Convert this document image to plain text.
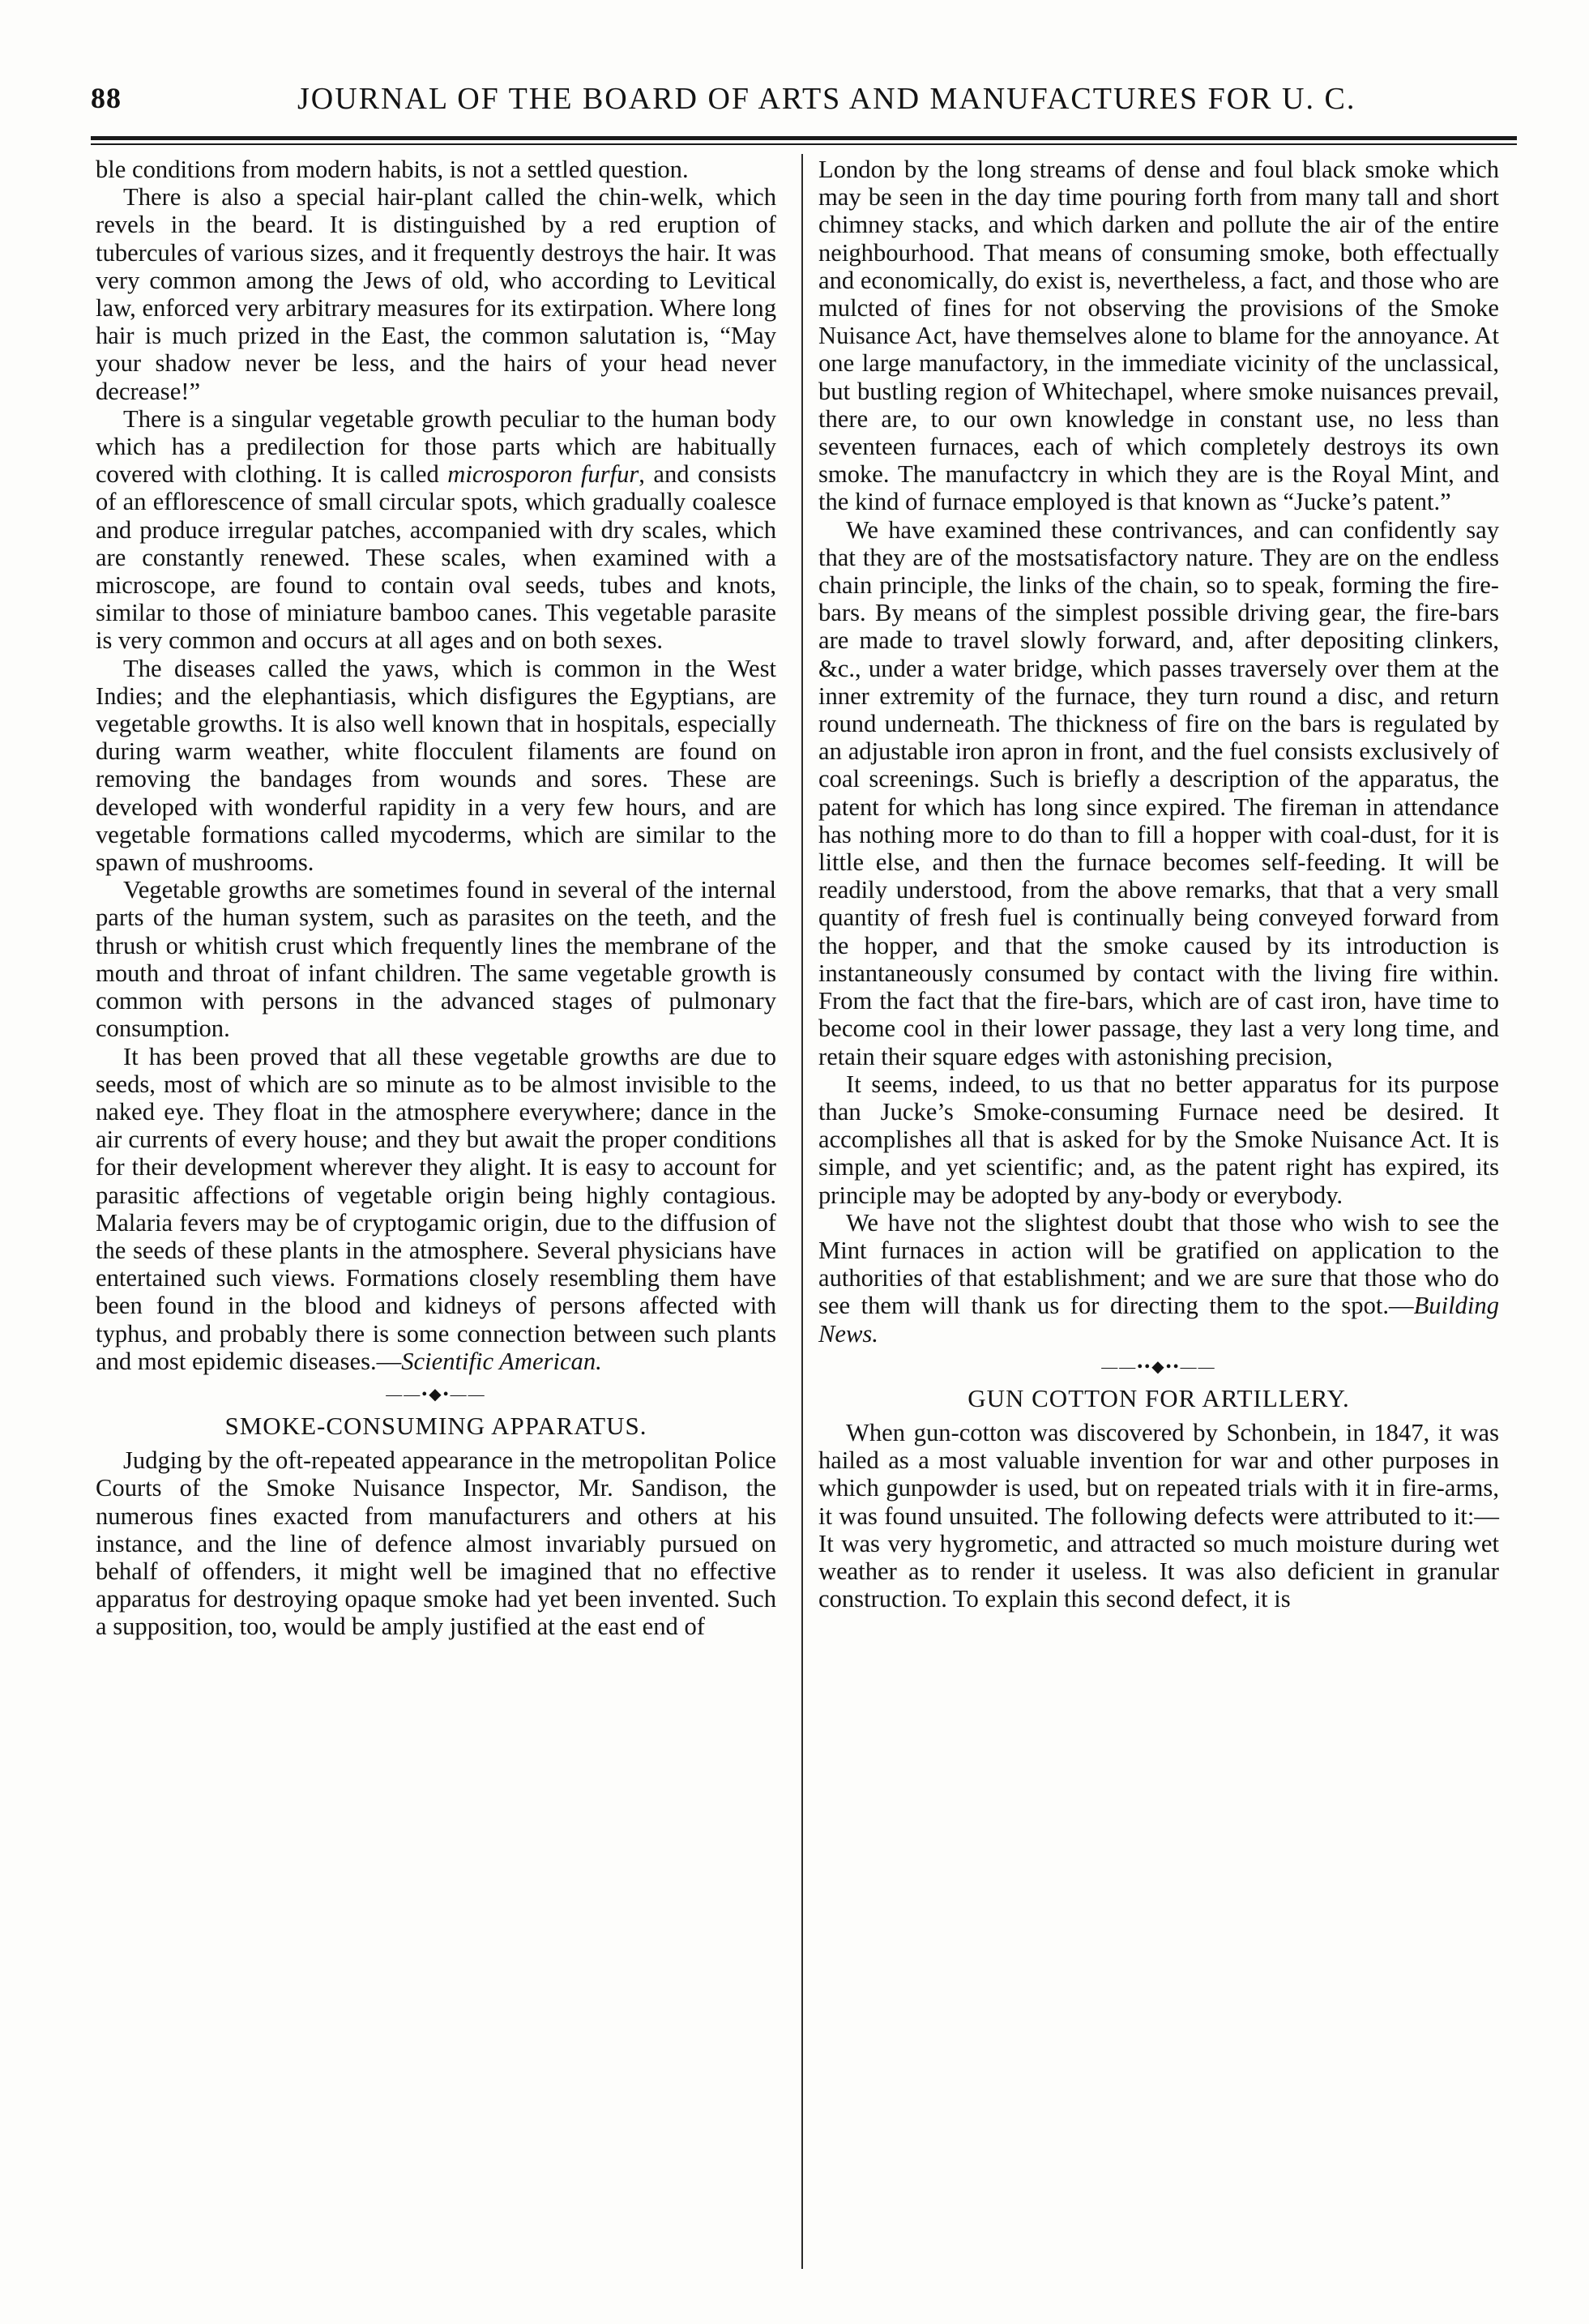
88	JOURNAL OF THE BOARD OF ARTS AND MANUFACTURES FOR U. C.

ble conditions from modern habits, is not a settled question.

There is also a special hair-plant called the chin-welk, which revels in the beard. It is distinguished by a red eruption of tubercules of various sizes, and it frequently destroys the hair. It was very common among the Jews of old, who according to Levitical law, enforced very arbitrary measures for its extirpation. Where long hair is much prized in the East, the common salutation is, “May your shadow never be less, and the hairs of your head never decrease!”

There is a singular vegetable growth peculiar to the human body which has a predilection for those parts which are habitually covered with clothing. It is called microsporon furfur, and consists of an efflorescence of small circular spots, which gradually coalesce and produce irregular patches, accompanied with dry scales, which are constantly renewed. These scales, when examined with a microscope, are found to contain oval seeds, tubes and knots, similar to those of miniature bamboo canes. This vegetable parasite is very common and occurs at all ages and on both sexes.

The diseases called the yaws, which is common in the West Indies; and the elephantiasis, which disfigures the Egyptians, are vegetable growths. It is also well known that in hospitals, especially during warm weather, white flocculent filaments are found on removing the bandages from wounds and sores. These are developed with wonderful rapidity in a very few hours, and are vegetable formations called mycoderms, which are similar to the spawn of mushrooms.

Vegetable growths are sometimes found in several of the internal parts of the human system, such as parasites on the teeth, and the thrush or whitish crust which frequently lines the membrane of the mouth and throat of infant children. The same vegetable growth is common with persons in the advanced stages of pulmonary consumption.

It has been proved that all these vegetable growths are due to seeds, most of which are so minute as to be almost invisible to the naked eye. They float in the atmosphere everywhere; dance in the air currents of every house; and they but await the proper conditions for their development wherever they alight. It is easy to account for parasitic affections of vegetable origin being highly contagious. Malaria fevers may be of cryptogamic origin, due to the diffusion of the seeds of these plants in the atmosphere. Several physicians have entertained such views. Formations closely resembling them have been found in the blood and kidneys of persons affected with typhus, and probably there is some connection between such plants and most epidemic diseases.—Scientific American.

——•◆•——
SMOKE-CONSUMING APPARATUS.

Judging by the oft-repeated appearance in the metropolitan Police Courts of the Smoke Nuisance Inspector, Mr. Sandison, the numerous fines exacted from manufacturers and others at his instance, and the line of defence almost invariably pursued on behalf of offenders, it might well be imagined that no effective apparatus for destroying opaque smoke had yet been invented. Such a supposition, too, would be amply justified at the east end of

London by the long streams of dense and foul black smoke which may be seen in the day time pouring forth from many tall and short chimney stacks, and which darken and pollute the air of the entire neighbourhood. That means of consuming smoke, both effectually and economically, do exist is, nevertheless, a fact, and those who are mulcted of fines for not observing the provisions of the Smoke Nuisance Act, have themselves alone to blame for the annoyance. At one large manufactory, in the immediate vicinity of the unclassical, but bustling region of Whitechapel, where smoke nuisances prevail, there are, to our own knowledge in constant use, no less than seventeen furnaces, each of which completely destroys its own smoke. The manufactcry in which they are is the Royal Mint, and the kind of furnace employed is that known as “Jucke’s patent.”

We have examined these contrivances, and can confidently say that they are of the mostsatisfactory nature. They are on the endless chain principle, the links of the chain, so to speak, forming the fire-bars. By means of the simplest possible driving gear, the fire-bars are made to travel slowly forward, and, after depositing clinkers, &c., under a water bridge, which passes traversely over them at the inner extremity of the furnace, they turn round a disc, and return round underneath. The thickness of fire on the bars is regulated by an adjustable iron apron in front, and the fuel consists exclusively of coal screenings. Such is briefly a description of the apparatus, the patent for which has long since expired. The fireman in attendance has nothing more to do than to fill a hopper with coal-dust, for it is little else, and then the furnace becomes self-feeding. It will be readily understood, from the above remarks, that that a very small quantity of fresh fuel is continually being conveyed forward from the hopper, and that the smoke caused by its introduction is instantaneously consumed by contact with the living fire within. From the fact that the fire-bars, which are of cast iron, have time to become cool in their lower passage, they last a very long time, and retain their square edges with astonishing precision,

It seems, indeed, to us that no better apparatus for its purpose than Jucke’s Smoke-consuming Furnace need be desired. It accomplishes all that is asked for by the Smoke Nuisance Act. It is simple, and yet scientific; and, as the patent right has expired, its principle may be adopted by any-body or everybody.

We have not the slightest doubt that those who wish to see the Mint furnaces in action will be gratified on application to the authorities of that establishment; and we are sure that those who do see them will thank us for directing them to the spot.—Building News.

——••◆••——
GUN COTTON FOR ARTILLERY.

When gun-cotton was discovered by Schonbein, in 1847, it was hailed as a most valuable invention for war and other purposes in which gunpowder is used, but on repeated trials with it in fire-arms, it was found unsuited. The following defects were attributed to it:—It was very hygrometic, and attracted so much moisture during wet weather as to render it useless. It was also deficient in granular construction. To explain this second defect, it is
